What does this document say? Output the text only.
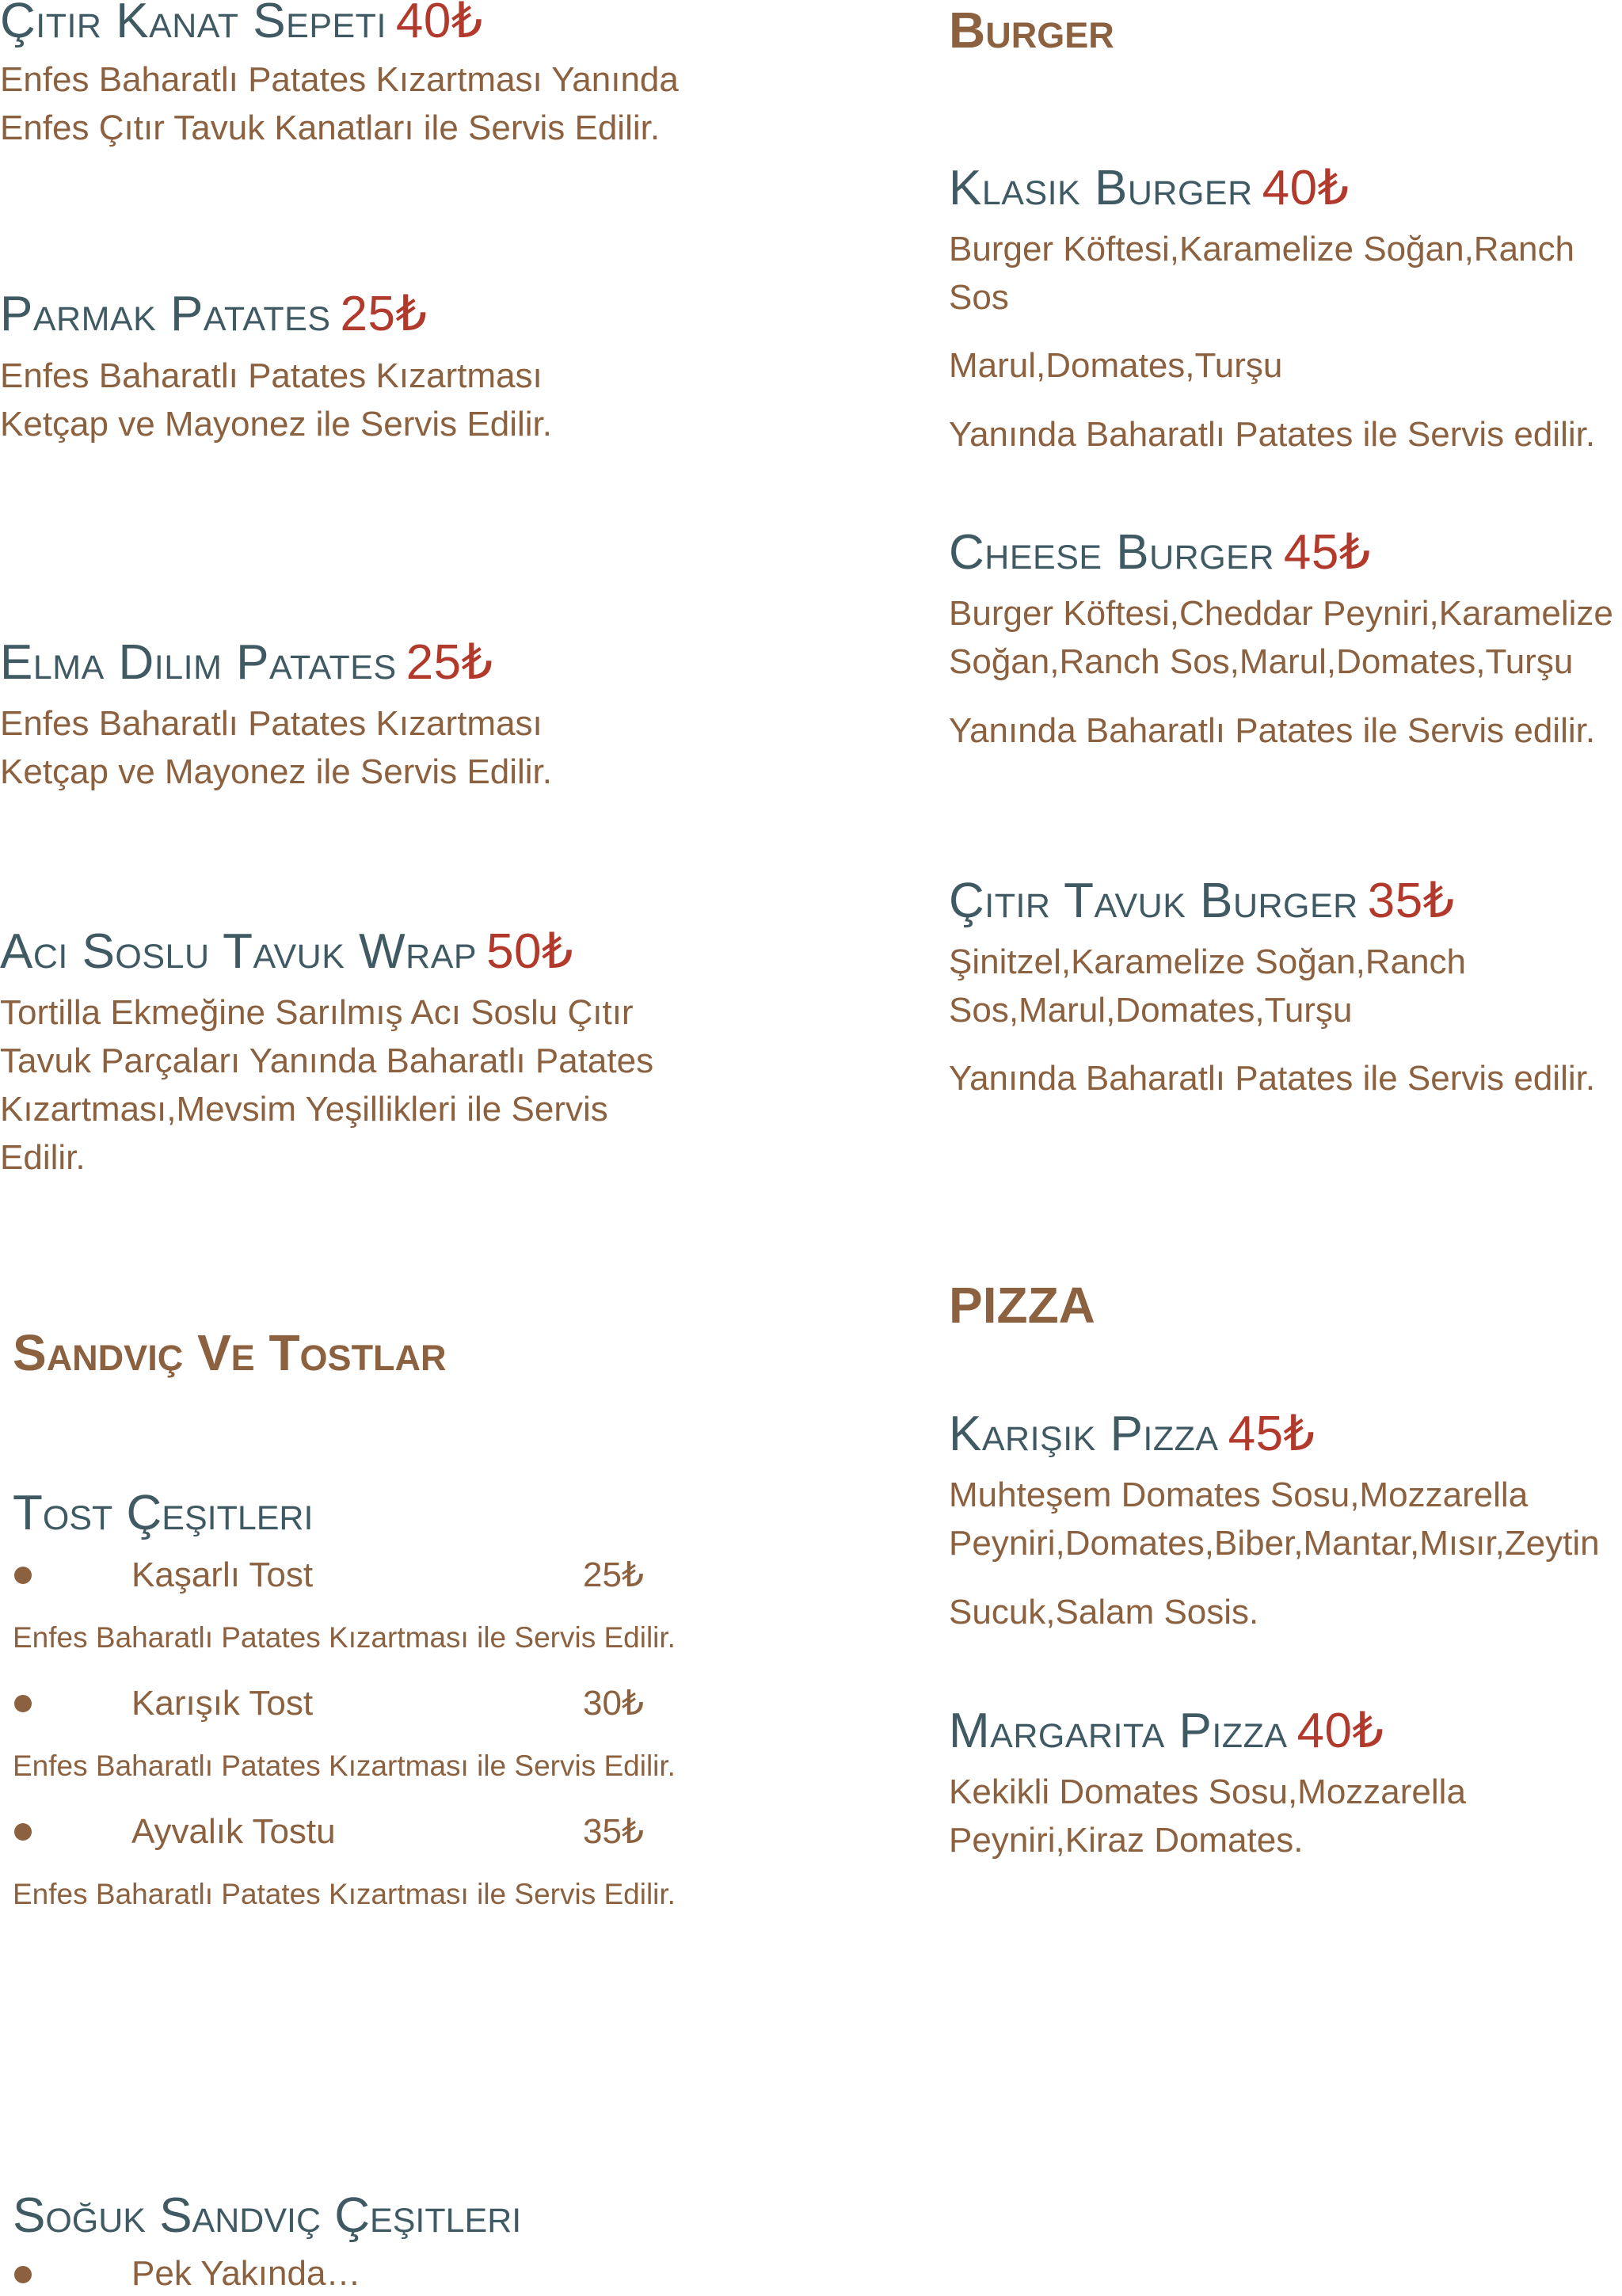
Çıtır Kanat Sepeti 40₺
Enfes Baharatlı Patates Kızartması Yanında
Enfes Çıtır Tavuk Kanatları ile Servis Edilir.
Parmak Patates 25₺
Enfes Baharatlı Patates Kızartması
Ketçap ve Mayonez ile Servis Edilir.
Elma Dilim Patates 25₺
Enfes Baharatlı Patates Kızartması
Ketçap ve Mayonez ile Servis Edilir.
Acı Soslu Tavuk Wrap 50₺
Tortilla Ekmeğine Sarılmış Acı Soslu Çıtır
Tavuk Parçaları Yanında Baharatlı Patates
Kızartması,Mevsim Yeşillikleri ile Servis
Edilir.
Sandviç Ve Tostlar
Tost Çeşitleri
Kaşarlı Tost	25₺
Enfes Baharatlı Patates Kızartması ile Servis Edilir.
Karışık Tost	30₺
Enfes Baharatlı Patates Kızartması ile Servis Edilir.
Ayvalık Tostu	35₺
Enfes Baharatlı Patates Kızartması ile Servis Edilir.
Soğuk Sandviç Çeşitleri
Pek Yakında…
Burger
Klasik Burger 40₺
Burger Köftesi,Karamelize Soğan,Ranch
Sos
Marul,Domates,Turşu
Yanında Baharatlı Patates ile Servis edilir.
Cheese Burger 45₺
Burger Köftesi,Cheddar Peyniri,Karamelize
Soğan,Ranch Sos,Marul,Domates,Turşu
Yanında Baharatlı Patates ile Servis edilir.
Çıtır Tavuk Burger 35₺
Şinitzel,Karamelize Soğan,Ranch
Sos,Marul,Domates,Turşu
Yanında Baharatlı Patates ile Servis edilir.
PIZZA
Karışık Pizza 45₺
Muhteşem Domates Sosu,Mozzarella
Peyniri,Domates,Biber,Mantar,Mısır,Zeytin
Sucuk,Salam Sosis.
Margarita Pizza 40₺
Kekikli Domates Sosu,Mozzarella
Peyniri,Kiraz Domates.
